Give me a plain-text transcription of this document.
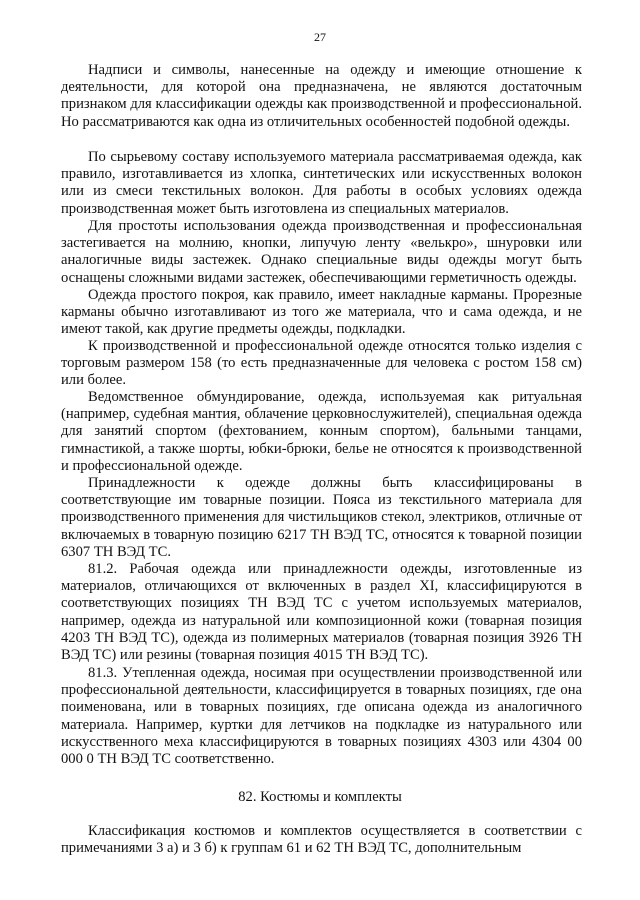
27

Надписи и символы, нанесенные на одежду и имеющие отношение к деятельности, для которой она предназначена, не являются достаточным признаком для классификации одежды как производственной и профессиональной. Но рассматриваются как одна из отличительных особенностей подобной одежды.

По сырьевому составу используемого материала рассматриваемая одежда, как правило, изготавливается из хлопка, синтетических или искусственных волокон или из смеси текстильных волокон. Для работы в особых условиях одежда производственная может быть изготовлена из специальных материалов.

Для простоты использования одежда производственная и профессиональная застегивается на молнию, кнопки, липучую ленту «велькро», шнуровки или аналогичные виды застежек. Однако специальные виды одежды могут быть оснащены сложными видами застежек, обеспечивающими герметичность одежды.

Одежда простого покроя, как правило, имеет накладные карманы. Прорезные карманы обычно изготавливают из того же материала, что и сама одежда, и не имеют такой, как другие предметы одежды, подкладки.

К производственной и профессиональной одежде относятся только изделия с торговым размером 158 (то есть предназначенные для человека с ростом 158 см) или более.

Ведомственное обмундирование, одежда, используемая как ритуальная (например, судебная мантия, облачение церковнослужителей), специальная одежда для занятий спортом (фехтованием, конным спортом), бальными танцами, гимнастикой, а также шорты, юбки-брюки, белье не относятся к производственной и профессиональной одежде.

Принадлежности к одежде должны быть классифицированы в соответствующие им товарные позиции. Пояса из текстильного материала для производственного применения для чистильщиков стекол, электриков, отличные от включаемых в товарную позицию 6217 ТН ВЭД ТС, относятся к товарной позиции 6307 ТН ВЭД ТС.

81.2. Рабочая одежда или принадлежности одежды, изготовленные из материалов, отличающихся от включенных в раздел XI, классифицируются в соответствующих позициях ТН ВЭД ТС с учетом используемых материалов, например, одежда из натуральной или композиционной кожи (товарная позиция 4203 ТН ВЭД ТС), одежда из полимерных материалов (товарная позиция 3926 ТН ВЭД ТС) или резины (товарная позиция 4015 ТН ВЭД ТС).

81.3. Утепленная одежда, носимая при осуществлении производственной или профессиональной деятельности, классифицируется в товарных позициях, где она поименована, или в товарных позициях, где описана одежда из аналогичного материала. Например, куртки для летчиков на подкладке из натурального или искусственного меха классифицируются в товарных позициях 4303 или 4304 00 000 0 ТН ВЭД ТС соответственно.

82. Костюмы и комплекты

Классификация костюмов и комплектов осуществляется в соответствии с примечаниями 3 а) и 3 б) к группам 61 и 62 ТН ВЭД ТС, дополнительным
